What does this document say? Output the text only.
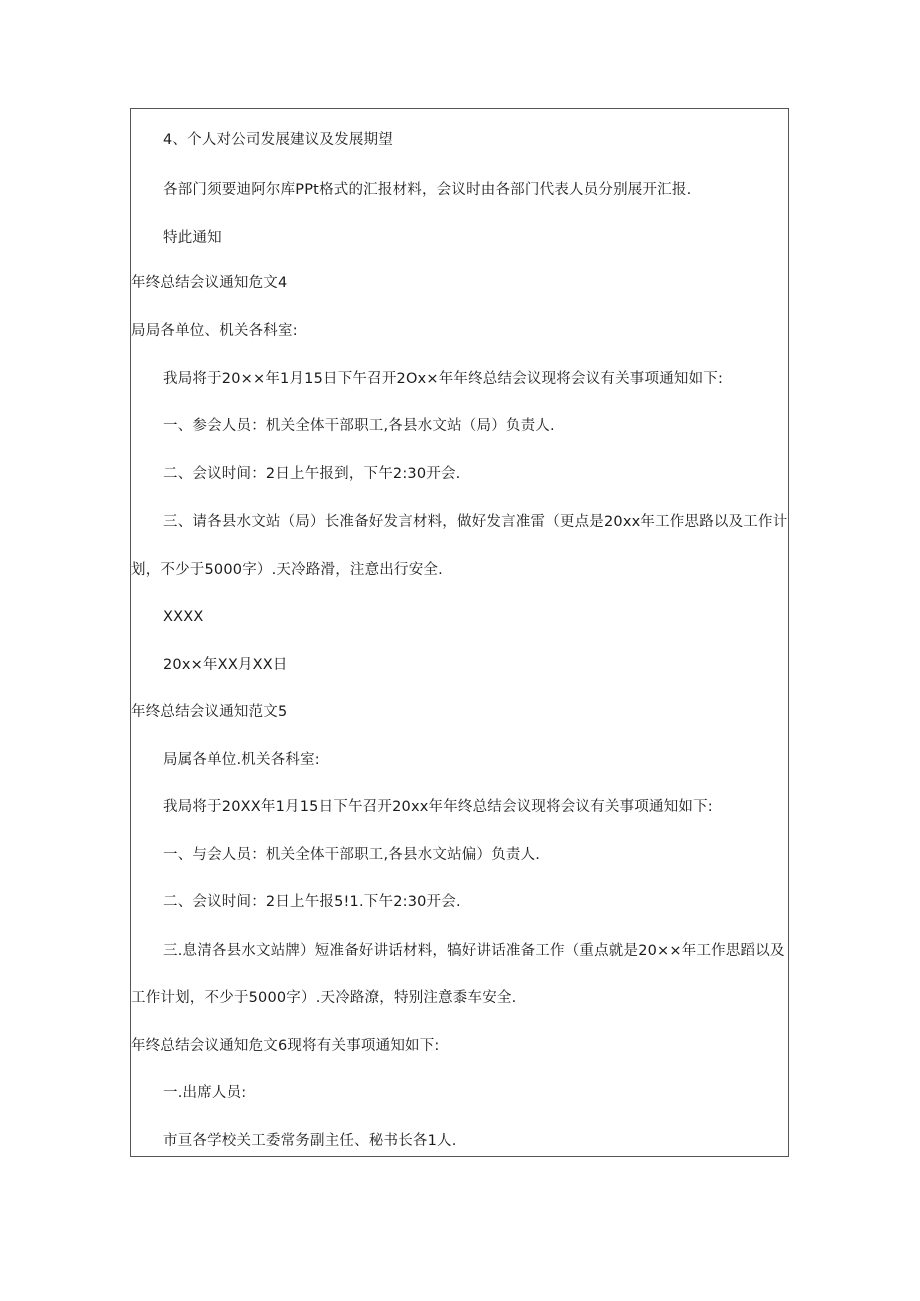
4、个人对公司发展建议及发展期望
各部门须要迪阿尔库PPt格式的汇报材料，会议时由各部门代表人员分别展开汇报.
特此通知
年终总结会议通知危文4
局局各单位、机关各科室:
我局将于20××年1月15日下午召开2Ox×年年终总结会议现将会议有关事项通知如下:
一、参会人员：机关全体干部职工,各县水文站（局）负责人.
二、会议时间：2日上午报到，下午2:30开会.
三、请各县水文站（局）长准备好发言材料，做好发言准雷（更点是20xx年工作思路以及工作计
划，不少于5000字）.天冷路滑，注意出行安全.
XXXX
20x×年XX月XX日
年终总结会议通知范文5
局属各单位.机关各科室:
我局将于20XX年1月15日下午召开20xx年年终总结会议现将会议有关事项通知如下:
一、与会人员：机关全体干部职工,各县水文站偏）负责人.
二、会议时间：2日上午报5!1.下午2:30开会.
三.息清各县水文站牌）短准备好讲话材料，犒好讲话准备工作（重点就是20××年工作思蹈以及
工作计划，不少于5000字）.天冷路潦，特别注意黍车安全.
年终总结会议通知危文6现将有关事项通知如下:
一.出席人员:
市亘各学校关工委常务副主任、秘书长各1人.
